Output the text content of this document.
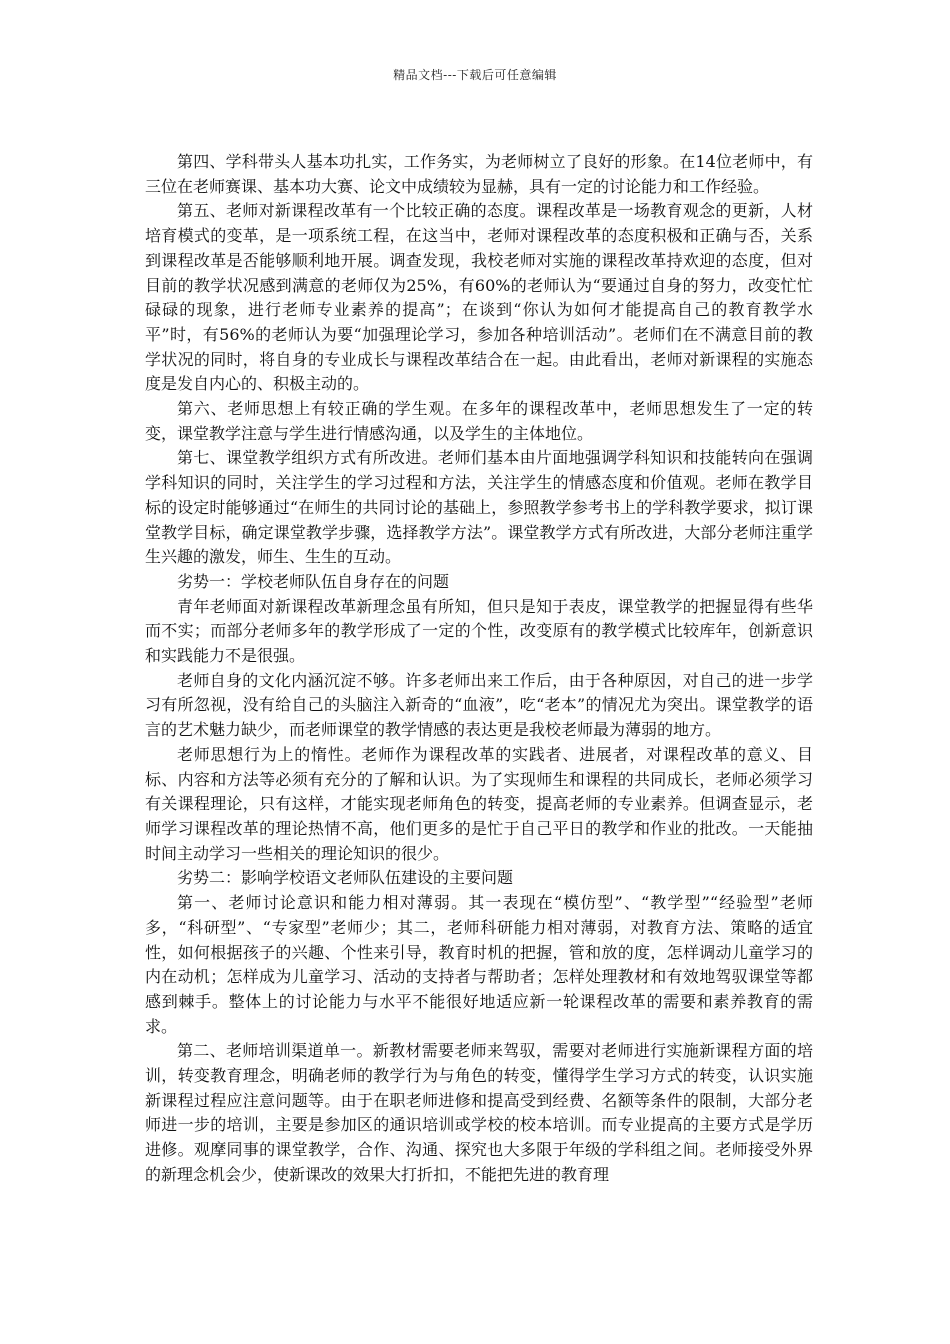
精品文档---下载后可任意编辑

第四、学科带头人基本功扎实，工作务实，为老师树立了良好的形象。在14位老师中，有三位在老师赛课、基本功大赛、论文中成绩较为显赫，具有一定的讨论能力和工作经验。

第五、老师对新课程改革有一个比较正确的态度。课程改革是一场教育观念的更新，人材培育模式的变革，是一项系统工程，在这当中，老师对课程改革的态度积极和正确与否，关系到课程改革是否能够顺利地开展。调查发现，我校老师对实施的课程改革持欢迎的态度，但对目前的教学状况感到满意的老师仅为25%，有60%的老师认为“要通过自身的努力，改变忙忙碌碌的现象，进行老师专业素养的提高”；在谈到“你认为如何才能提高自己的教育教学水平”时，有56%的老师认为要“加强理论学习，参加各种培训活动”。老师们在不满意目前的教学状况的同时，将自身的专业成长与课程改革结合在一起。由此看出，老师对新课程的实施态度是发自内心的、积极主动的。

第六、老师思想上有较正确的学生观。在多年的课程改革中，老师思想发生了一定的转变，课堂教学注意与学生进行情感沟通，以及学生的主体地位。

第七、课堂教学组织方式有所改进。老师们基本由片面地强调学科知识和技能转向在强调学科知识的同时，关注学生的学习过程和方法，关注学生的情感态度和价值观。老师在教学目标的设定时能够通过“在师生的共同讨论的基础上，参照教学参考书上的学科教学要求，拟订课堂教学目标，确定课堂教学步骤，选择教学方法”。课堂教学方式有所改进，大部分老师注重学生兴趣的激发，师生、生生的互动。

劣势一：学校老师队伍自身存在的问题

青年老师面对新课程改革新理念虽有所知，但只是知于表皮，课堂教学的把握显得有些华而不实；而部分老师多年的教学形成了一定的个性，改变原有的教学模式比较库年，创新意识和实践能力不是很强。

老师自身的文化内涵沉淀不够。许多老师出来工作后，由于各种原因，对自己的进一步学习有所忽视，没有给自己的头脑注入新奇的“血液”，吃“老本”的情况尤为突出。课堂教学的语言的艺术魅力缺少，而老师课堂的教学情感的表达更是我校老师最为薄弱的地方。

老师思想行为上的惰性。老师作为课程改革的实践者、进展者，对课程改革的意义、目标、内容和方法等必须有充分的了解和认识。为了实现师生和课程的共同成长，老师必须学习有关课程理论，只有这样，才能实现老师角色的转变，提高老师的专业素养。但调查显示，老师学习课程改革的理论热情不高，他们更多的是忙于自己平日的教学和作业的批改。一天能抽时间主动学习一些相关的理论知识的很少。

劣势二：影响学校语文老师队伍建设的主要问题

第一、老师讨论意识和能力相对薄弱。其一表现在“模仿型”、“教学型”“经验型”老师多，“科研型”、“专家型”老师少；其二，老师科研能力相对薄弱，对教育方法、策略的适宜性，如何根据孩子的兴趣、个性来引导，教育时机的把握，管和放的度，怎样调动儿童学习的内在动机；怎样成为儿童学习、活动的支持者与帮助者；怎样处理教材和有效地驾驭课堂等都感到棘手。整体上的讨论能力与水平不能很好地适应新一轮课程改革的需要和素养教育的需求。

第二、老师培训渠道单一。新教材需要老师来驾驭，需要对老师进行实施新课程方面的培训，转变教育理念，明确老师的教学行为与角色的转变，懂得学生学习方式的转变，认识实施新课程过程应注意问题等。由于在职老师进修和提高受到经费、名额等条件的限制，大部分老师进一步的培训，主要是参加区的通识培训或学校的校本培训。而专业提高的主要方式是学历进修。观摩同事的课堂教学，合作、沟通、探究也大多限于年级的学科组之间。老师接受外界的新理念机会少，使新课改的效果大打折扣，不能把先进的教育理
